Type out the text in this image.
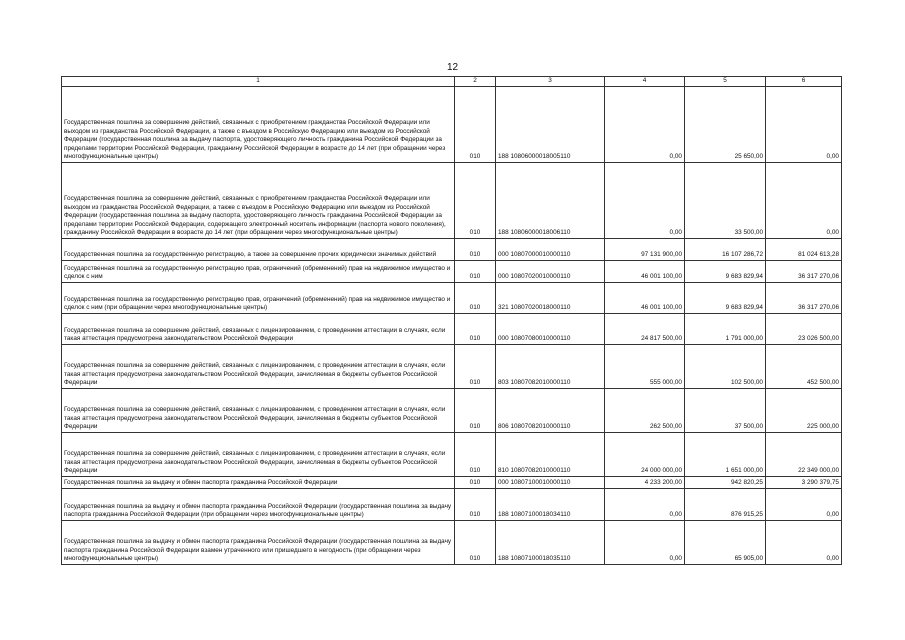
12
1	2	3	4	5	6
Государственная пошлина за совершение действий, связанных с приобретением гражданства Российской Федерации или выходом из гражданства Российской Федерации, а также с въездом в Российскую Федерацию или выездом из Российской Федерации (государственная пошлина за выдачу паспорта, удостоверяющего личность гражданина Российской Федерации за пределами территории Российской Федерации, гражданину Российской Федерации в возрасте до 14 лет (при обращении через многофункциональные центры)	010	188 10806000018005110	0,00	25 650,00	0,00
Государственная пошлина за совершение действий, связанных с приобретением гражданства Российской Федерации или выходом из гражданства Российской Федерации, а также с въездом в Российскую Федерацию или выездом из Российской Федерации (государственная пошлина за выдачу паспорта, удостоверяющего личность гражданина Российской Федерации за пределами территории Российской Федерации, содержащего электронный носитель информации (паспорта нового поколения), гражданину Российской Федерации в возрасте до 14 лет (при обращении через многофункциональные центры)	010	188 10806000018006110	0,00	33 500,00	0,00
Государственная пошлина за государственную регистрацию, а также за совершение прочих юридически значимых действий	010	000 10807000010000110	97 131 900,00	16 107 286,72	81 024 613,28
Государственная пошлина за государственную регистрацию прав, ограничений (обременений) прав на недвижимое имущество и сделок с ним	010	000 10807020010000110	46 001 100,00	9 683 829,94	36 317 270,06
Государственная пошлина за государственную регистрацию прав, ограничений (обременений) прав на недвижимое имущество и сделок с ним (при обращении через многофункциональные центры)	010	321 10807020018000110	46 001 100,00	9 683 829,94	36 317 270,06
Государственная пошлина за совершение действий, связанных с лицензированием, с проведением аттестации в случаях, если такая аттестация предусмотрена законодательством Российской Федерации	010	000 10807080010000110	24 817 500,00	1 791 000,00	23 026 500,00
Государственная пошлина за совершение действий, связанных с лицензированием, с проведением аттестации в случаях, если такая аттестация предусмотрена законодательством Российской Федерации, зачисляемая в бюджеты субъектов Российской Федерации	010	803 10807082010000110	555 000,00	102 500,00	452 500,00
Государственная пошлина за совершение действий, связанных с лицензированием, с проведением аттестации в случаях, если такая аттестация предусмотрена законодательством Российской Федерации, зачисляемая в бюджеты субъектов Российской Федерации	010	806 10807082010000110	262 500,00	37 500,00	225 000,00
Государственная пошлина за совершение действий, связанных с лицензированием, с проведением аттестации в случаях, если такая аттестация предусмотрена законодательством Российской Федерации, зачисляемая в бюджеты субъектов Российской Федерации	010	810 10807082010000110	24 000 000,00	1 651 000,00	22 349 000,00
Государственная пошлина за выдачу и обмен паспорта гражданина Российской Федерации	010	000 10807100010000110	4 233 200,00	942 820,25	3 290 379,75
Государственная пошлина за выдачу и обмен паспорта гражданина Российской Федерации (государственная пошлина за выдачу паспорта гражданина Российской Федерации (при обращении через многофункциональные центры)	010	188 10807100018034110	0,00	876 915,25	0,00
Государственная пошлина за выдачу и обмен паспорта гражданина Российской Федерации (государственная пошлина за выдачу паспорта гражданина Российской Федерации взамен утраченного или пришедшего в негодность (при обращении через многофункциональные центры)	010	188 10807100018035110	0,00	65 905,00	0,00
